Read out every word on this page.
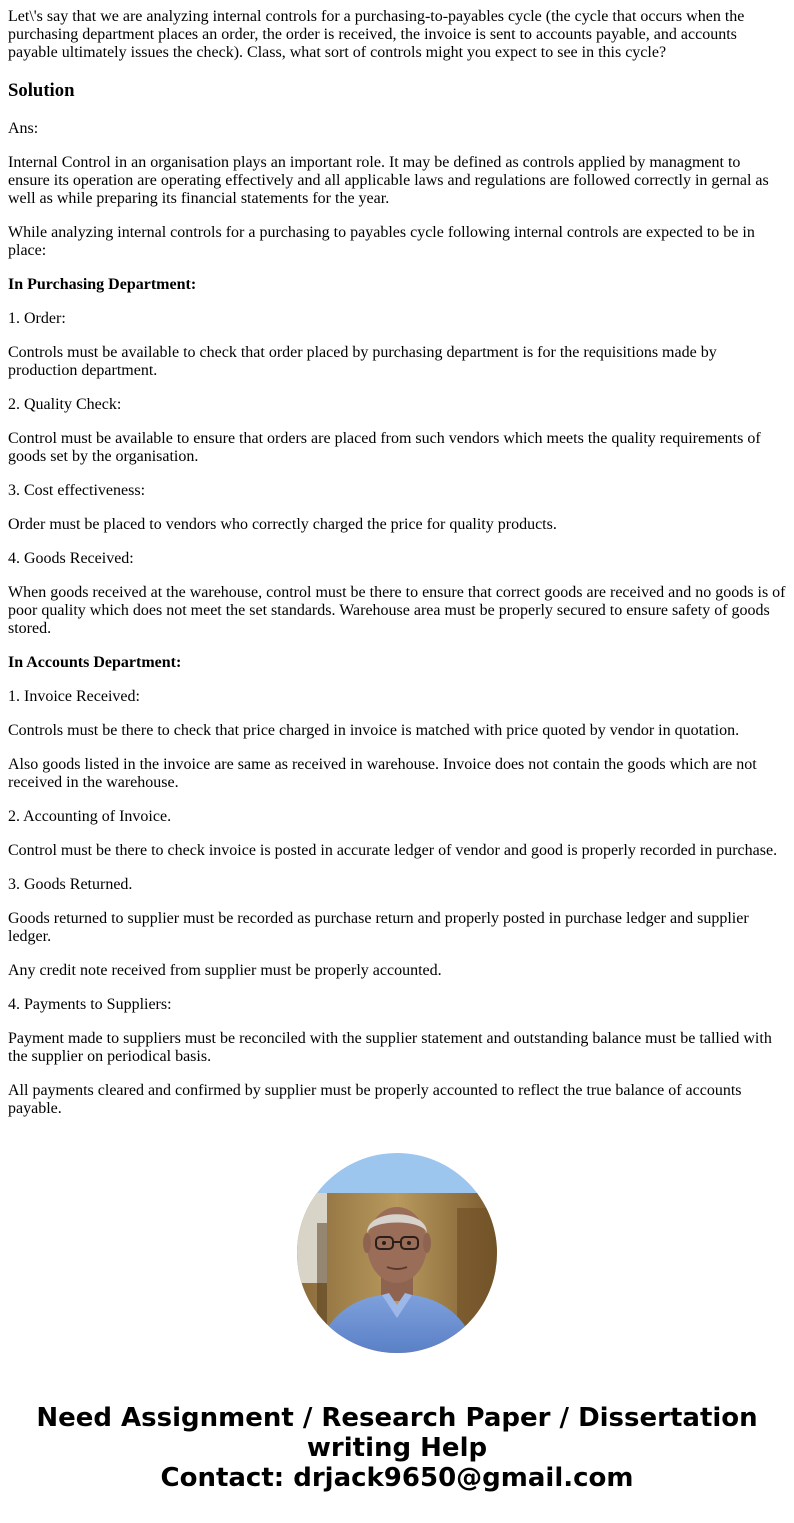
Let\'s say that we are analyzing internal controls for a purchasing-to-payables cycle (the cycle that occurs when the purchasing department places an order, the order is received, the invoice is sent to accounts payable, and accounts payable ultimately issues the check). Class, what sort of controls might you expect to see in this cycle?

Solution

Ans:

Internal Control in an organisation plays an important role. It may be defined as controls applied by managment to ensure its operation are operating effectively and all applicable laws and regulations are followed correctly in gernal as well as while preparing its financial statements for the year.

While analyzing internal controls for a purchasing to payables cycle following internal controls are expected to be in place:

In Purchasing Department:

1. Order:

Controls must be available to check that order placed by purchasing department is for the requisitions made by production department.

2. Quality Check:

Control must be available to ensure that orders are placed from such vendors which meets the quality requirements of goods set by the organisation.

3. Cost effectiveness:

Order must be placed to vendors who correctly charged the price for quality products.

4. Goods Received:

When goods received at the warehouse, control must be there to ensure that correct goods are received and no goods is of poor quality which does not meet the set standards. Warehouse area must be properly secured to ensure safety of goods stored.

In Accounts Department:

1. Invoice Received:

Controls must be there to check that price charged in invoice is matched with price quoted by vendor in quotation.

Also goods listed in the invoice are same as received in warehouse. Invoice does not contain the goods which are not received in the warehouse.

2. Accounting of Invoice.

Control must be there to check invoice is posted in accurate ledger of vendor and good is properly recorded in purchase.

3. Goods Returned.

Goods returned to supplier must be recorded as purchase return and properly posted in purchase ledger and supplier ledger.

Any credit note received from supplier must be properly accounted.

4. Payments to Suppliers:

Payment made to suppliers must be reconciled with the supplier statement and outstanding balance must be tallied with the supplier on periodical basis.

All payments cleared and confirmed by supplier must be properly accounted to reflect the true balance of accounts payable.

Need Assignment / Research Paper / Dissertation
writing Help
Contact: drjack9650@gmail.com
